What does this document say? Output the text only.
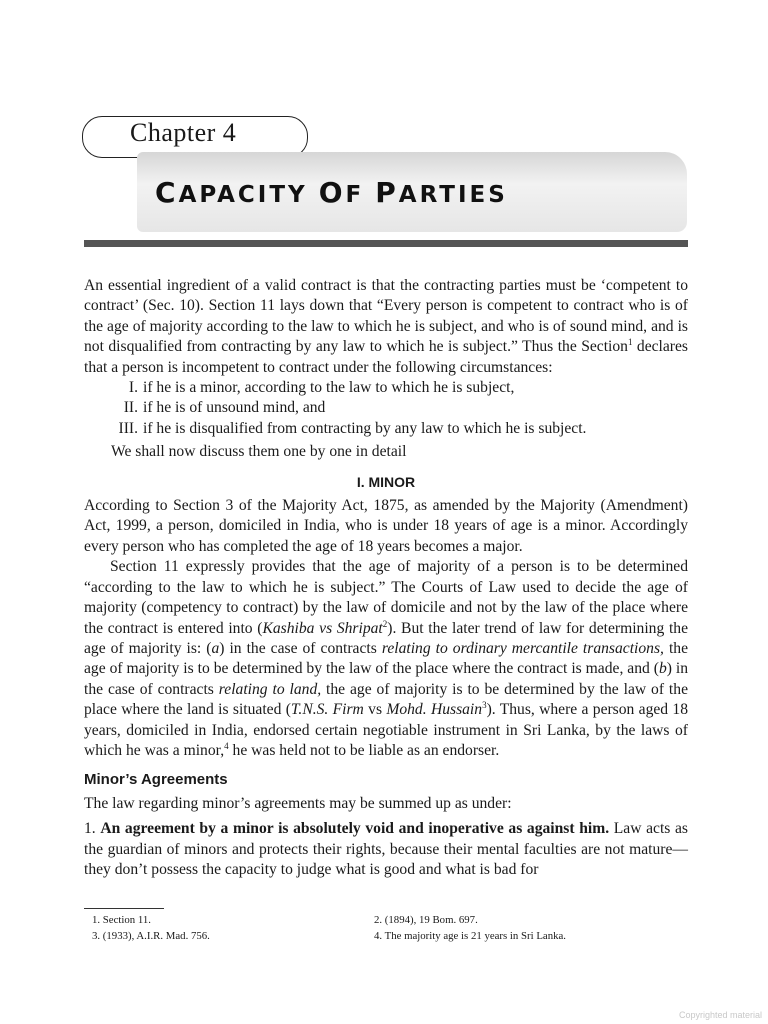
Chapter 4
CAPACITY OF PARTIES

An essential ingredient of a valid contract is that the contracting parties must be ‘competent to contract’ (Sec. 10). Section 11 lays down that “Every person is competent to contract who is of the age of majority according to the law to which he is subject, and who is of sound mind, and is not disqualified from contracting by any law to which he is subject.” Thus the Section$^1$ declares that a person is incompetent to contract under the following circumstances:

I. if he is a minor, according to the law to which he is subject,
II. if he is of unsound mind, and
III. if he is disqualified from contracting by any law to which he is subject.

We shall now discuss them one by one in detail

I. MINOR

According to Section 3 of the Majority Act, 1875, as amended by the Majority (Amendment) Act, 1999, a person, domiciled in India, who is under 18 years of age is a minor. Accordingly every person who has completed the age of 18 years becomes a major.

Section 11 expressly provides that the age of majority of a person is to be determined “according to the law to which he is subject.” The Courts of Law used to decide the age of majority (competency to contract) by the law of domicile and not by the law of the place where the contract is entered into (Kashiba vs Shripat$^2$). But the later trend of law for determining the age of majority is: (a) in the case of contracts relating to ordinary mercantile transactions, the age of majority is to be determined by the law of the place where the contract is made, and (b) in the case of contracts relating to land, the age of majority is to be determined by the law of the place where the land is situated (T.N.S. Firm vs Mohd. Hussain$^3$). Thus, where a person aged 18 years, domiciled in India, endorsed certain negotiable instrument in Sri Lanka, by the laws of which he was a minor,$^4$ he was held not to be liable as an endorser.

Minor’s Agreements

The law regarding minor’s agreements may be summed up as under:

1. An agreement by a minor is absolutely void and inoperative as against him. Law acts as the guardian of minors and protects their rights, because their mental faculties are not mature—they don’t possess the capacity to judge what is good and what is bad for

1. Section 11.	2. (1894), 19 Bom. 697.
3. (1933), A.I.R. Mad. 756.	4. The majority age is 21 years in Sri Lanka.
Copyrighted material
